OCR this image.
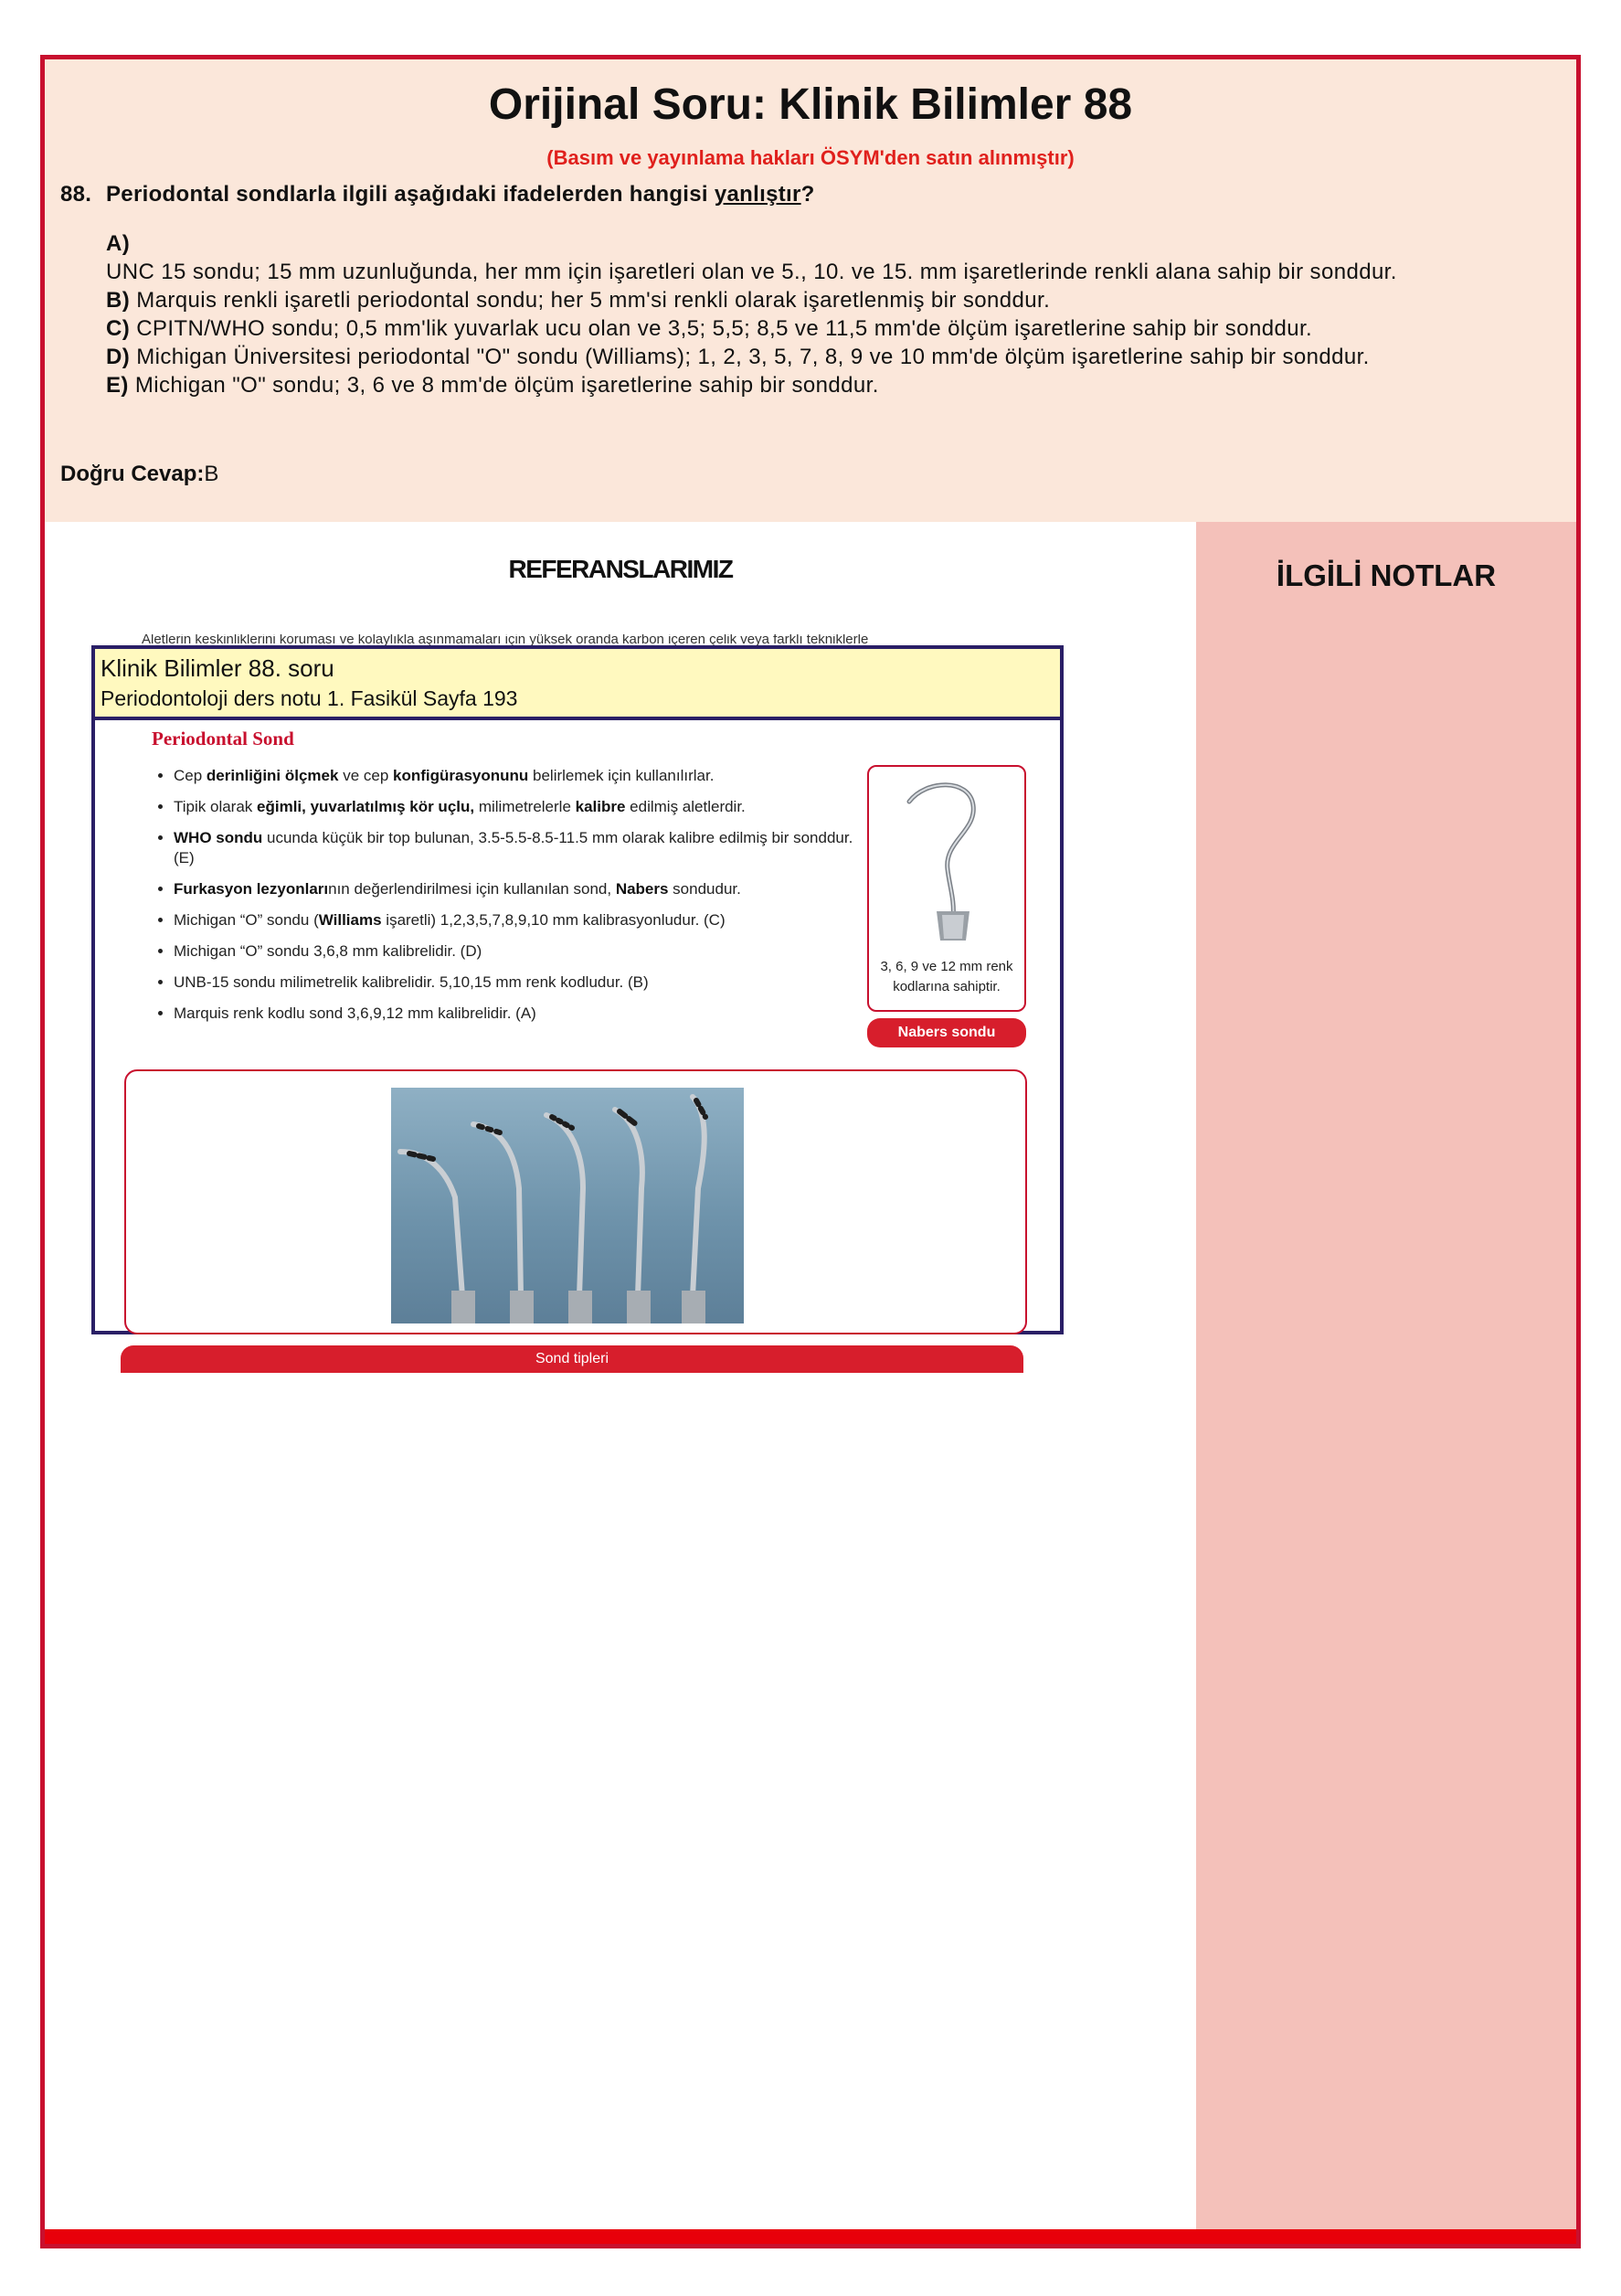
Orijinal Soru: Klinik Bilimler 88
(Basım ve yayınlama hakları ÖSYM'den satın alınmıştır)
88. Periodontal sondlarla ilgili aşağıdaki ifadelerden hangisi yanlıştır?
A)
UNC 15 sondu; 15 mm uzunluğunda, her mm için işaretleri olan ve 5., 10. ve 15. mm işaretlerinde renkli alana sahip bir sonddur.
B) Marquis renkli işaretli periodontal sondu; her 5 mm'si renkli olarak işaretlenmiş bir sonddur.
C) CPITN/WHO sondu; 0,5 mm'lik yuvarlak ucu olan ve 3,5; 5,5; 8,5 ve 11,5 mm'de ölçüm işaretlerine sahip bir sonddur.
D) Michigan Üniversitesi periodontal "O" sondu (Williams); 1, 2, 3, 5, 7, 8, 9 ve 10 mm'de ölçüm işaretlerine sahip bir sonddur.
E) Michigan "O" sondu; 3, 6 ve 8 mm'de ölçüm işaretlerine sahip bir sonddur.
Doğru Cevap:B
REFERANSLARIMIZ	İLGİLİ NOTLAR
Aletlerin keskinliklerini koruması ve kolaylıkla aşınmamaları için yüksek oranda karbon içeren çelik veya farklı tekniklerle
Klinik Bilimler 88. soru
Periodontoloji ders notu 1. Fasikül Sayfa 193
Periodontal Sond
• Cep derinliğini ölçmek ve cep konfigürasyonunu belirlemek için kullanılırlar.
• Tipik olarak eğimli, yuvarlatılmış kör uçlu, milimetrelerle kalibre edilmiş aletlerdir.
• WHO sondu ucunda küçük bir top bulunan, 3.5-5.5-8.5-11.5 mm olarak kalibre edilmiş bir sonddur. (E)
• Furkasyon lezyonlarının değerlendirilmesi için kullanılan sond, Nabers sondudur.
• Michigan “O” sondu (Williams işaretli) 1,2,3,5,7,8,9,10 mm kalibrasyonludur. (C)
• Michigan “O” sondu 3,6,8 mm kalibrelidir. (D)
• UNB-15 sondu milimetrelik kalibrelidir. 5,10,15 mm renk kodludur. (B)
• Marquis renk kodlu sond 3,6,9,12 mm kalibrelidir. (A)
3, 6, 9 ve 12 mm renk
kodlarına sahiptir.
Nabers sondu
Sond tipleri
